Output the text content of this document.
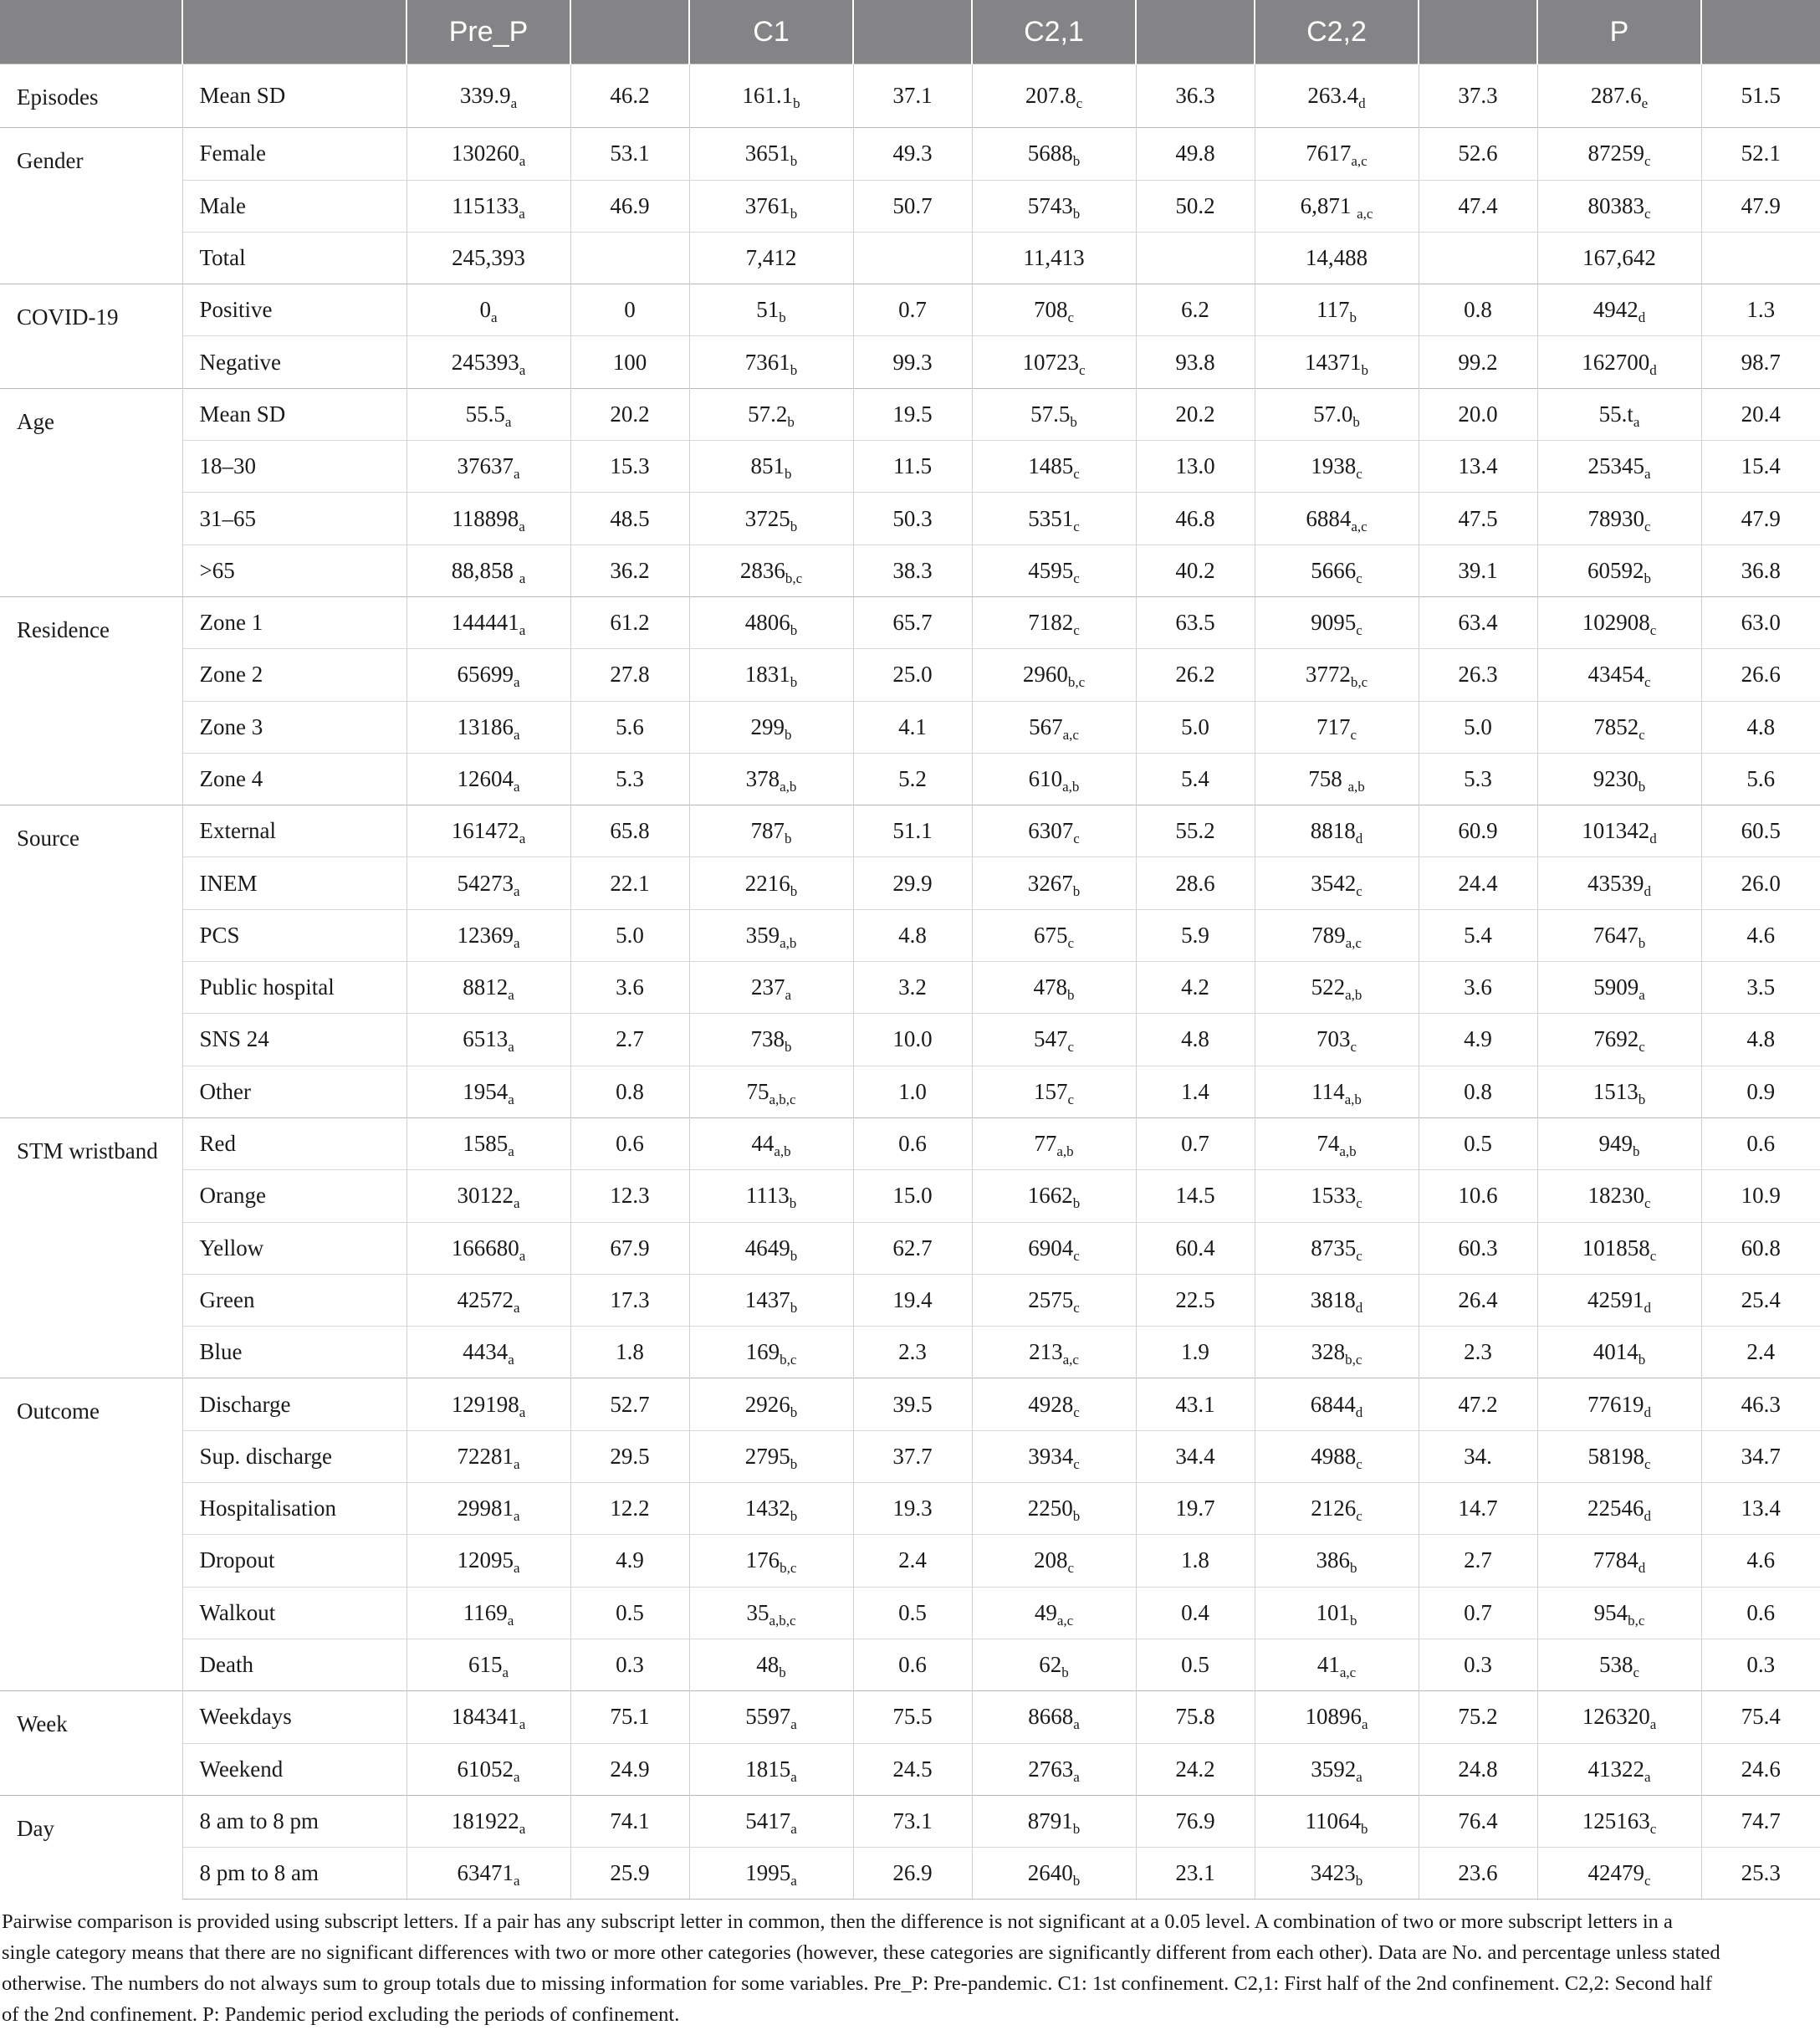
		Pre_P		C1		C2,1		C2,2		P	
Episodes	Mean SD	$339.9_a$	46.2	$161.1_b$	37.1	$207.8_c$	36.3	$263.4_d$	37.3	$287.6_e$	51.5
Gender	Female	$130260_a$	53.1	$3651_b$	49.3	$5688_b$	49.8	$7617_{a,c}$	52.6	$87259_c$	52.1
	Male	$115133_a$	46.9	$3761_b$	50.7	$5743_b$	50.2	6,871 $_{a,c}$	47.4	$80383_c$	47.9
	Total	245,393		7,412		11,413		14,488		167,642	
COVID-19	Positive	$0_a$	0	$51_b$	0.7	$708_c$	6.2	$117_b$	0.8	$4942_d$	1.3
	Negative	$245393_a$	100	$7361_b$	99.3	$10723_c$	93.8	$14371_b$	99.2	$162700_d$	98.7
Age	Mean SD	$55.5_a$	20.2	$57.2_b$	19.5	$57.5_b$	20.2	$57.0_b$	20.0	$55.t_a$	20.4
	18–30	$37637_a$	15.3	$851_b$	11.5	$1485_c$	13.0	$1938_c$	13.4	$25345_a$	15.4
	31–65	$118898_a$	48.5	$3725_b$	50.3	$5351_c$	46.8	$6884_{a,c}$	47.5	$78930_c$	47.9
	>65	88,858 $_a$	36.2	$2836_{b,c}$	38.3	$4595_c$	40.2	$5666_c$	39.1	$60592_b$	36.8
Residence	Zone 1	$144441_a$	61.2	$4806_b$	65.7	$7182_c$	63.5	$9095_c$	63.4	$102908_c$	63.0
	Zone 2	$65699_a$	27.8	$1831_b$	25.0	$2960_{b,c}$	26.2	$3772_{b,c}$	26.3	$43454_c$	26.6
	Zone 3	$13186_a$	5.6	$299_b$	4.1	$567_{a,c}$	5.0	$717_c$	5.0	$7852_c$	4.8
	Zone 4	$12604_a$	5.3	$378_{a,b}$	5.2	$610_{a,b}$	5.4	758 $_{a,b}$	5.3	$9230_b$	5.6
Source	External	$161472_a$	65.8	$787_b$	51.1	$6307_c$	55.2	$8818_d$	60.9	$101342_d$	60.5
	INEM	$54273_a$	22.1	$2216_b$	29.9	$3267_b$	28.6	$3542_c$	24.4	$43539_d$	26.0
	PCS	$12369_a$	5.0	$359_{a,b}$	4.8	$675_c$	5.9	$789_{a,c}$	5.4	$7647_b$	4.6
	Public hospital	$8812_a$	3.6	$237_a$	3.2	$478_b$	4.2	$522_{a,b}$	3.6	$5909_a$	3.5
	SNS 24	$6513_a$	2.7	$738_b$	10.0	$547_c$	4.8	$703_c$	4.9	$7692_c$	4.8
	Other	$1954_a$	0.8	$75_{a,b,c}$	1.0	$157_c$	1.4	$114_{a,b}$	0.8	$1513_b$	0.9
STM wristband	Red	$1585_a$	0.6	$44_{a,b}$	0.6	$77_{a,b}$	0.7	$74_{a,b}$	0.5	$949_b$	0.6
	Orange	$30122_a$	12.3	$1113_b$	15.0	$1662_b$	14.5	$1533_c$	10.6	$18230_c$	10.9
	Yellow	$166680_a$	67.9	$4649_b$	62.7	$6904_c$	60.4	$8735_c$	60.3	$101858_c$	60.8
	Green	$42572_a$	17.3	$1437_b$	19.4	$2575_c$	22.5	$3818_d$	26.4	$42591_d$	25.4
	Blue	$4434_a$	1.8	$169_{b,c}$	2.3	$213_{a,c}$	1.9	$328_{b,c}$	2.3	$4014_b$	2.4
Outcome	Discharge	$129198_a$	52.7	$2926_b$	39.5	$4928_c$	43.1	$6844_d$	47.2	$77619_d$	46.3
	Sup. discharge	$72281_a$	29.5	$2795_b$	37.7	$3934_c$	34.4	$4988_c$	34.	$58198_c$	34.7
	Hospitalisation	$29981_a$	12.2	$1432_b$	19.3	$2250_b$	19.7	$2126_c$	14.7	$22546_d$	13.4
	Dropout	$12095_a$	4.9	$176_{b,c}$	2.4	$208_c$	1.8	$386_b$	2.7	$7784_d$	4.6
	Walkout	$1169_a$	0.5	$35_{a,b,c}$	0.5	$49_{a,c}$	0.4	$101_b$	0.7	$954_{b,c}$	0.6
	Death	$615_a$	0.3	$48_b$	0.6	$62_b$	0.5	$41_{a,c}$	0.3	$538_c$	0.3
Week	Weekdays	$184341_a$	75.1	$5597_a$	75.5	$8668_a$	75.8	$10896_a$	75.2	$126320_a$	75.4
	Weekend	$61052_a$	24.9	$1815_a$	24.5	$2763_a$	24.2	$3592_a$	24.8	$41322_a$	24.6
Day	8 am to 8 pm	$181922_a$	74.1	$5417_a$	73.1	$8791_b$	76.9	$11064_b$	76.4	$125163_c$	74.7
	8 pm to 8 am	$63471_a$	25.9	$1995_a$	26.9	$2640_b$	23.1	$3423_b$	23.6	$42479_c$	25.3

Pairwise comparison is provided using subscript letters. If a pair has any subscript letter in common, then the difference is not significant at a 0.05 level. A combination of two or more subscript letters in a single category means that there are no significant differences with two or more other categories (however, these categories are significantly different from each other). Data are No. and percentage unless stated otherwise. The numbers do not always sum to group totals due to missing information for some variables. Pre_P: Pre-pandemic. C1: 1st confinement. C2,1: First half of the 2nd confinement. C2,2: Second half of the 2nd confinement. P: Pandemic period excluding the periods of confinement.
